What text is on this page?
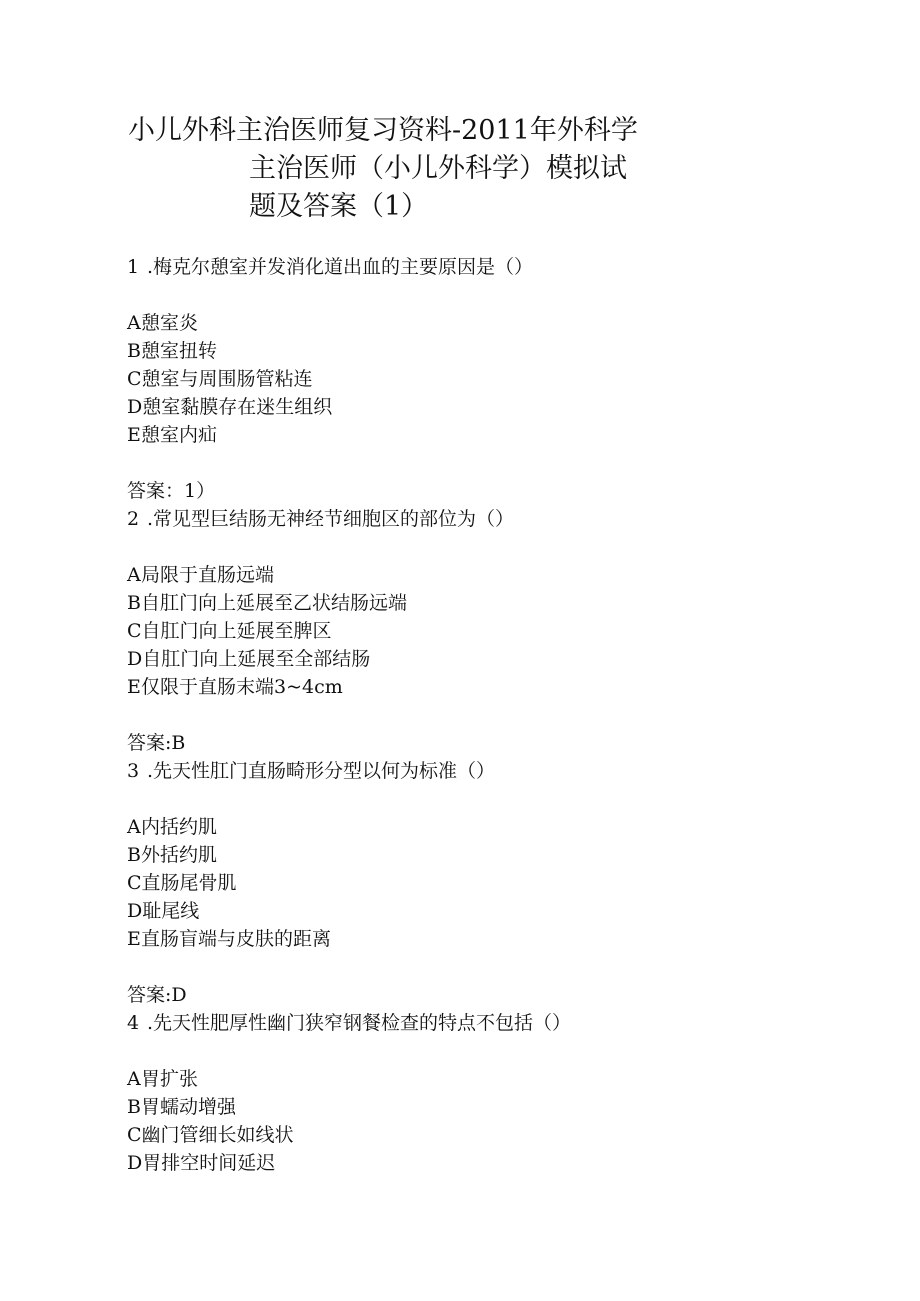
小儿外科主治医师复习资料-2011年外科学
主治医师（小儿外科学）模拟试
题及答案（1）
1 .梅克尔憩室并发消化道出血的主要原因是（）
A憩室炎
B憩室扭转
C憩室与周围肠管粘连
D憩室黏膜存在迷生组织
E憩室内疝
答案：1）
2 .常见型巨结肠无神经节细胞区的部位为（）
A局限于直肠远端
B自肛门向上延展至乙状结肠远端
C自肛门向上延展至脾区
D自肛门向上延展至全部结肠
E仅限于直肠末端3~4cm
答案:B
3 .先天性肛门直肠畸形分型以何为标准（）
A内括约肌
B外括约肌
C直肠尾骨肌
D耻尾线
E直肠盲端与皮肤的距离
答案:D
4 .先天性肥厚性幽门狭窄钢餐检查的特点不包括（）
A胃扩张
B胃蠕动增强
C幽门管细长如线状
D胃排空时间延迟
